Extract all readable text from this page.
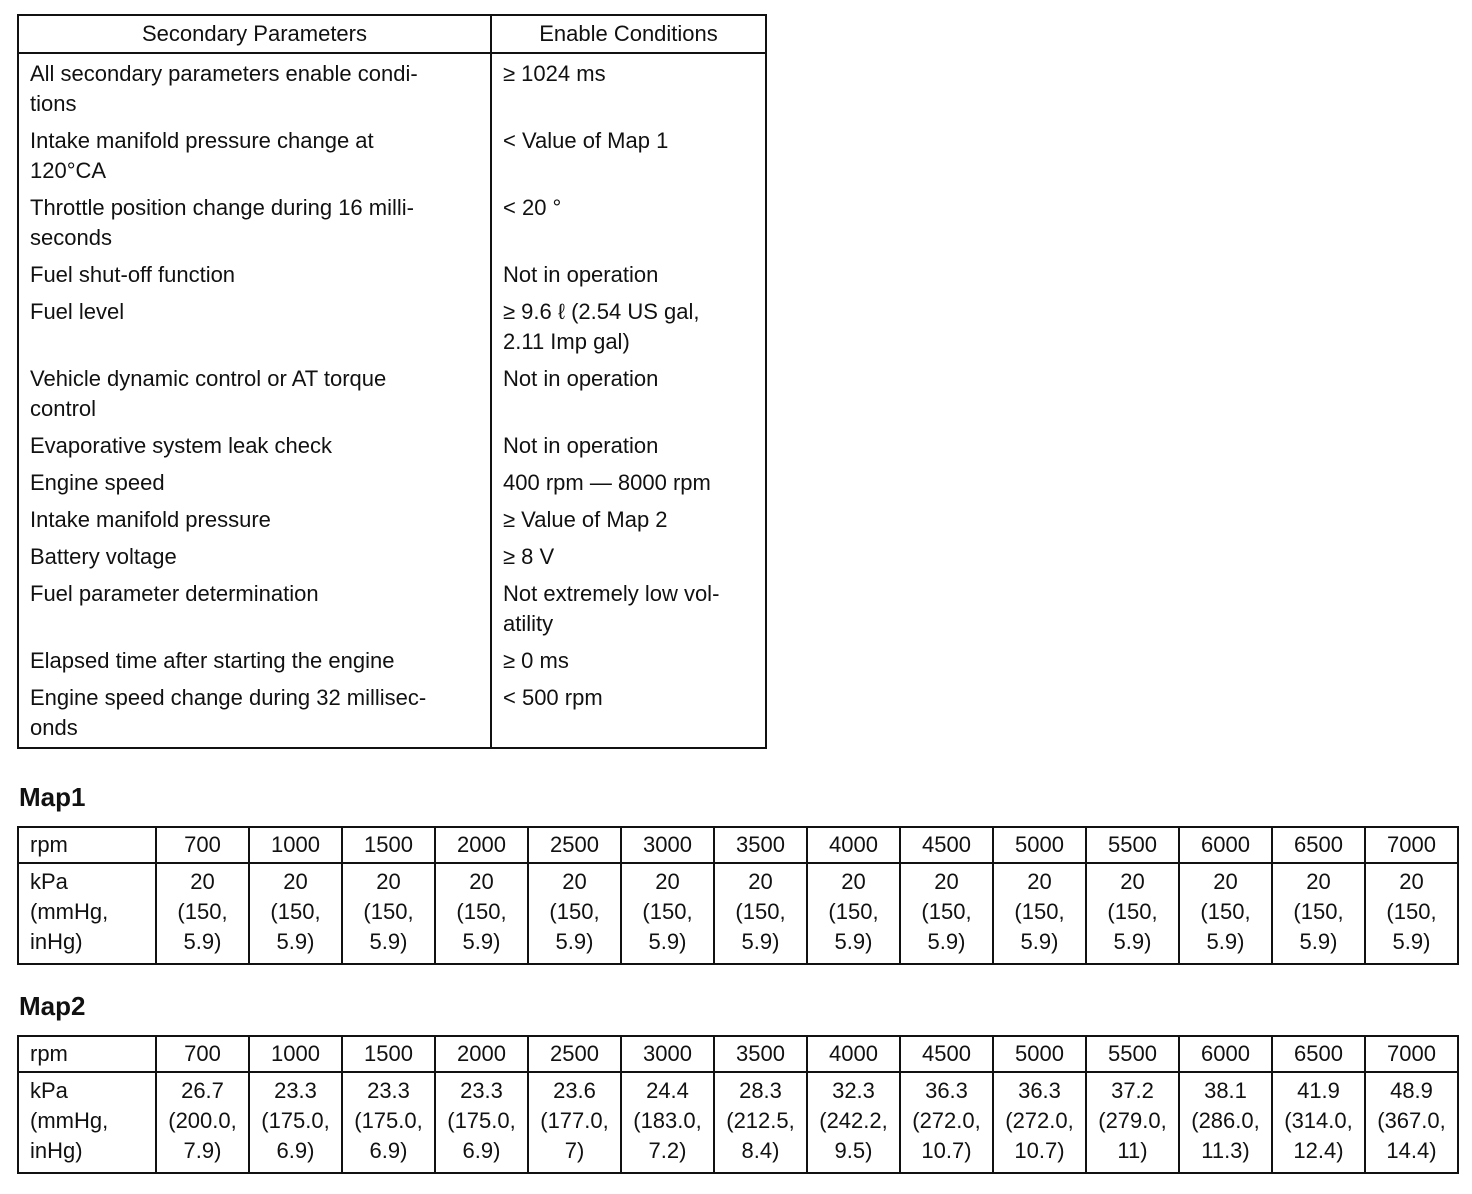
Secondary Parameters	Enable Conditions

All secondary parameters enable condi-
tions	≥ 1024 ms

Intake manifold pressure change at
120°CA	< Value of Map 1

Throttle position change during 16 milli-
seconds	< 20 °

Fuel shut-off function	Not in operation

Fuel level	≥ 9.6 ℓ (2.54 US gal,
2.11 Imp gal)

Vehicle dynamic control or AT torque
control	Not in operation

Evaporative system leak check	Not in operation

Engine speed	400 rpm — 8000 rpm

Intake manifold pressure	≥ Value of Map 2

Battery voltage	≥ 8 V

Fuel parameter determination	Not extremely low vol-
atility

Elapsed time after starting the engine	≥ 0 ms

Engine speed change during 32 millisec-
onds	< 500 rpm
Map1
rpm	700	1000	1500	2000	2500	3000	3500	4000	4500	5000	5500	6000	6500	7000

kPa
(mmHg,
inHg)	20
(150,
5.9)	20
(150,
5.9)	20
(150,
5.9)	20
(150,
5.9)	20
(150,
5.9)	20
(150,
5.9)	20
(150,
5.9)	20
(150,
5.9)	20
(150,
5.9)	20
(150,
5.9)	20
(150,
5.9)	20
(150,
5.9)	20
(150,
5.9)	20
(150,
5.9)
Map2
rpm	700	1000	1500	2000	2500	3000	3500	4000	4500	5000	5500	6000	6500	7000

kPa
(mmHg,
inHg)	26.7
(200.0,
7.9)	23.3
(175.0,
6.9)	23.3
(175.0,
6.9)	23.3
(175.0,
6.9)	23.6
(177.0,
7)	24.4
(183.0,
7.2)	28.3
(212.5,
8.4)	32.3
(242.2,
9.5)	36.3
(272.0,
10.7)	36.3
(272.0,
10.7)	37.2
(279.0,
11)	38.1
(286.0,
11.3)	41.9
(314.0,
12.4)	48.9
(367.0,
14.4)
